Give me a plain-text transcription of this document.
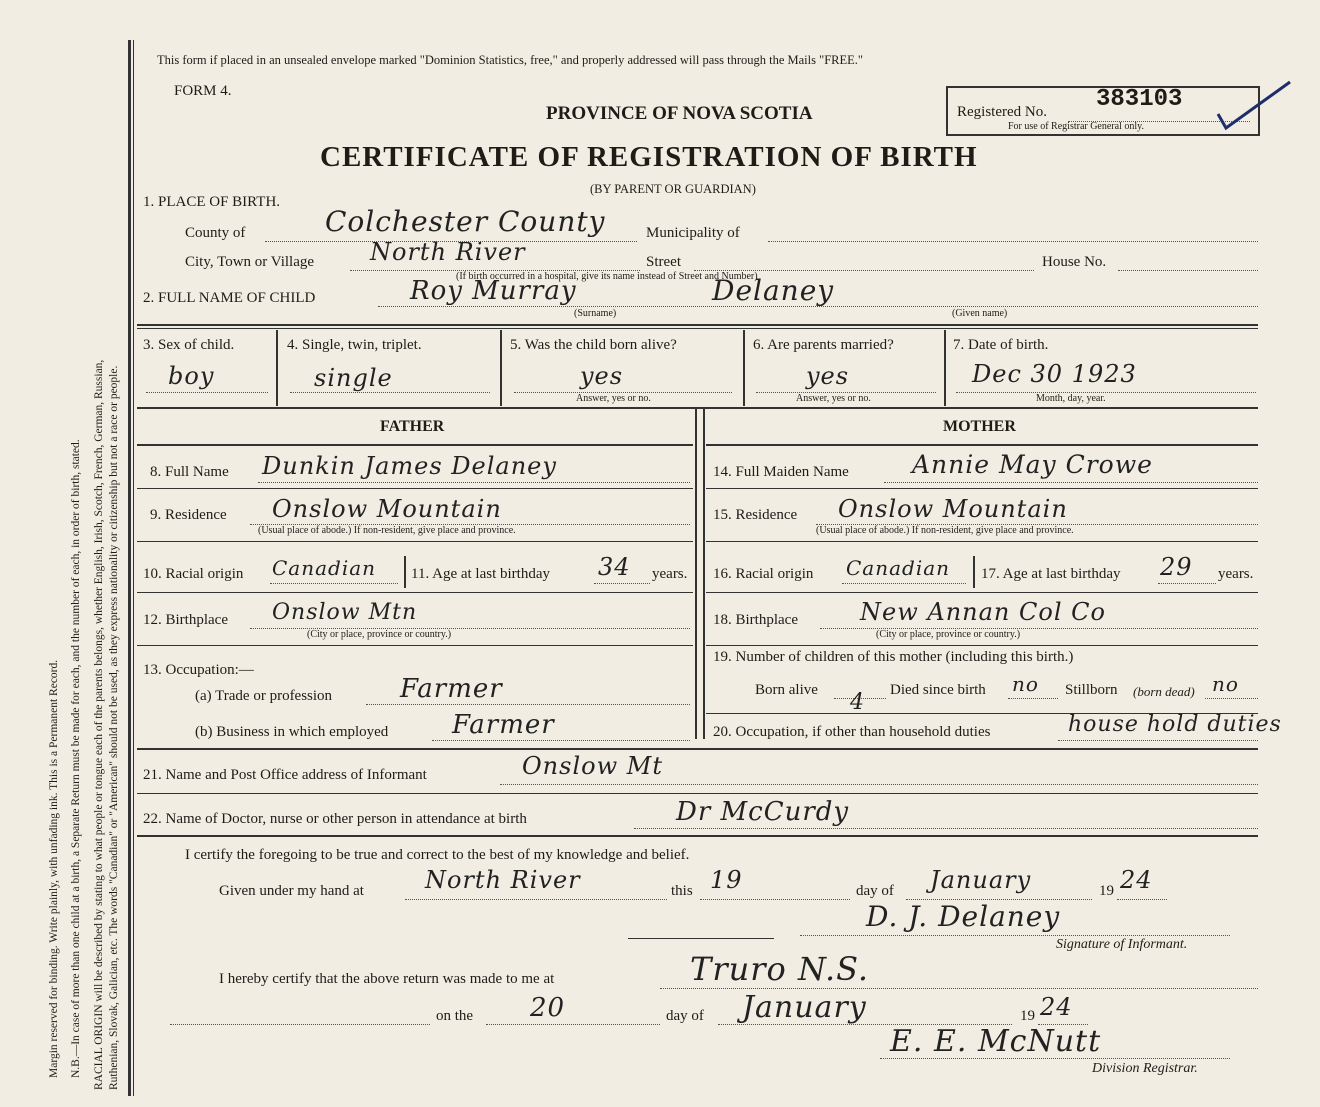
Margin reserved for binding. Write plainly, with unfading ink. This is a Permanent Record. N.B.—In case of more than one child at a birth, a Separate Return must be made for each, and the number of each, in order of birth, stated. RACIAL ORIGIN will be described by stating to what people or tongue each of the parents belongs, whether English, Irish, Scotch, French, German, Russian, Ruthenian, Slovak, Galician, etc. The words "Canadian" or "American" should not be used, as they express nationality or citizenship but not a race or people.
This form if placed in an unsealed envelope marked "Dominion Statistics, free," and properly addressed will pass through the Mails "FREE."
FORM 4.
PROVINCE OF NOVA SCOTIA	Registered No. 383103
For use of Registrar General only.
CERTIFICATE OF REGISTRATION OF BIRTH
(BY PARENT OR GUARDIAN)
1. PLACE OF BIRTH.
County of	Colchester County	Municipality of
City, Town or Village North River	Street	House No.
(If birth occurred in a hospital, give its name instead of Street and Number)
2. FULL NAME OF CHILD	Roy Murray	Delaney
(Surname)	(Given name)
3. Sex of child.
boy
4. Single, twin, triplet.
single
5. Was the child born alive?
yes
Answer, yes or no.
6. Are parents married?
yes
Answer, yes or no.
7. Date of birth.
Dec 30 1923
Month, day, year.
FATHER	MOTHER
8. Full Name Dunkin James Delaney
9. Residence Onslow Mountain
(Usual place of abode.) If non-resident, give place and province.
10. Racial origin Canadian 11. Age at last birthday 34 years.
12. Birthplace Onslow Mtn
(City or place, province or country.)
13. Occupation:—
(a) Trade or profession	Farmer
(b) Business in which employed Farmer
14. Full Maiden Name	Annie May Crowe
15. Residence Onslow Mountain
(Usual place of abode.) If non-resident, give place and province.
16. Racial origin Canadian 17. Age at last birthday 29 years.
18. Birthplace	New Annan Col Co
(City or place, province or country.)
19. Number of children of this mother (including this birth.)
Born alive 4 Died since birth no Stillborn (born dead) no
20. Occupation, if other than household duties	house hold duties
21. Name and Post Office address of Informant	Onslow Mt
22. Name of Doctor, nurse or other person in attendance at birth	Dr McCurdy
I certify the foregoing to be true and correct to the best of my knowledge and belief.
Given under my hand at	North River	this 19	day of January	19 24
D. J. Delaney
Signature of Informant.
I hereby certify that the above return was made to me at	Truro N.S.
on the 20	day of January	19 24
E. E. McNutt
Division Registrar.
